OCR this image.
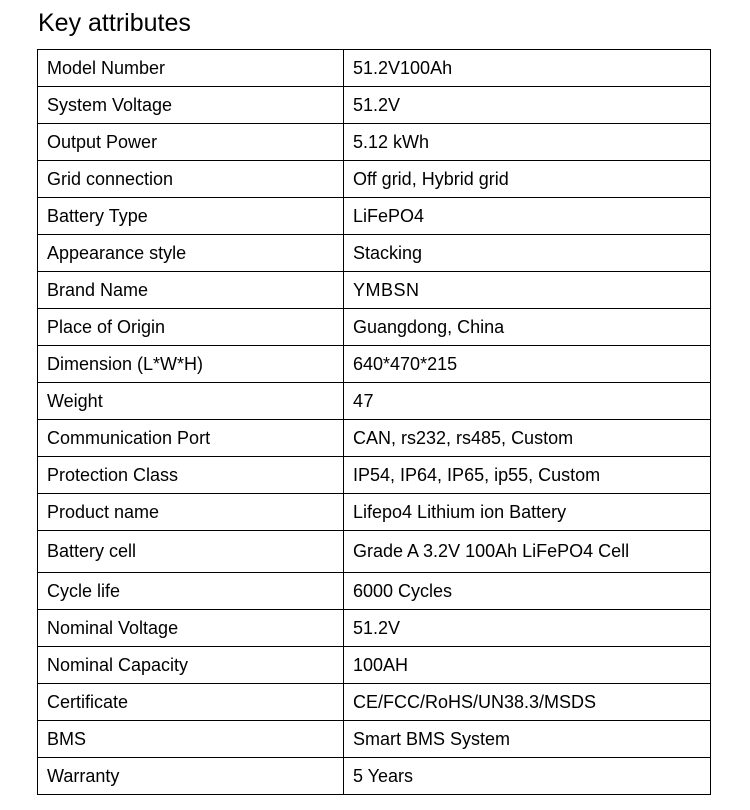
Key attributes
Model Number	51.2V100Ah
System Voltage	51.2V
Output Power	5.12 kWh
Grid connection	Off grid, Hybrid grid
Battery Type	LiFePO4
Appearance style	Stacking
Brand Name	YMBSN
Place of Origin	Guangdong, China
Dimension (L*W*H)	640*470*215
Weight	47
Communication Port	CAN, rs232, rs485, Custom
Protection Class	IP54, IP64, IP65, ip55, Custom
Product name	Lifepo4 Lithium ion Battery
Battery cell	Grade A 3.2V 100Ah LiFePO4 Cell
Cycle life	6000 Cycles
Nominal Voltage	51.2V
Nominal Capacity	100AH
Certificate	CE/FCC/RoHS/UN38.3/MSDS
BMS	Smart BMS System
Warranty	5 Years
